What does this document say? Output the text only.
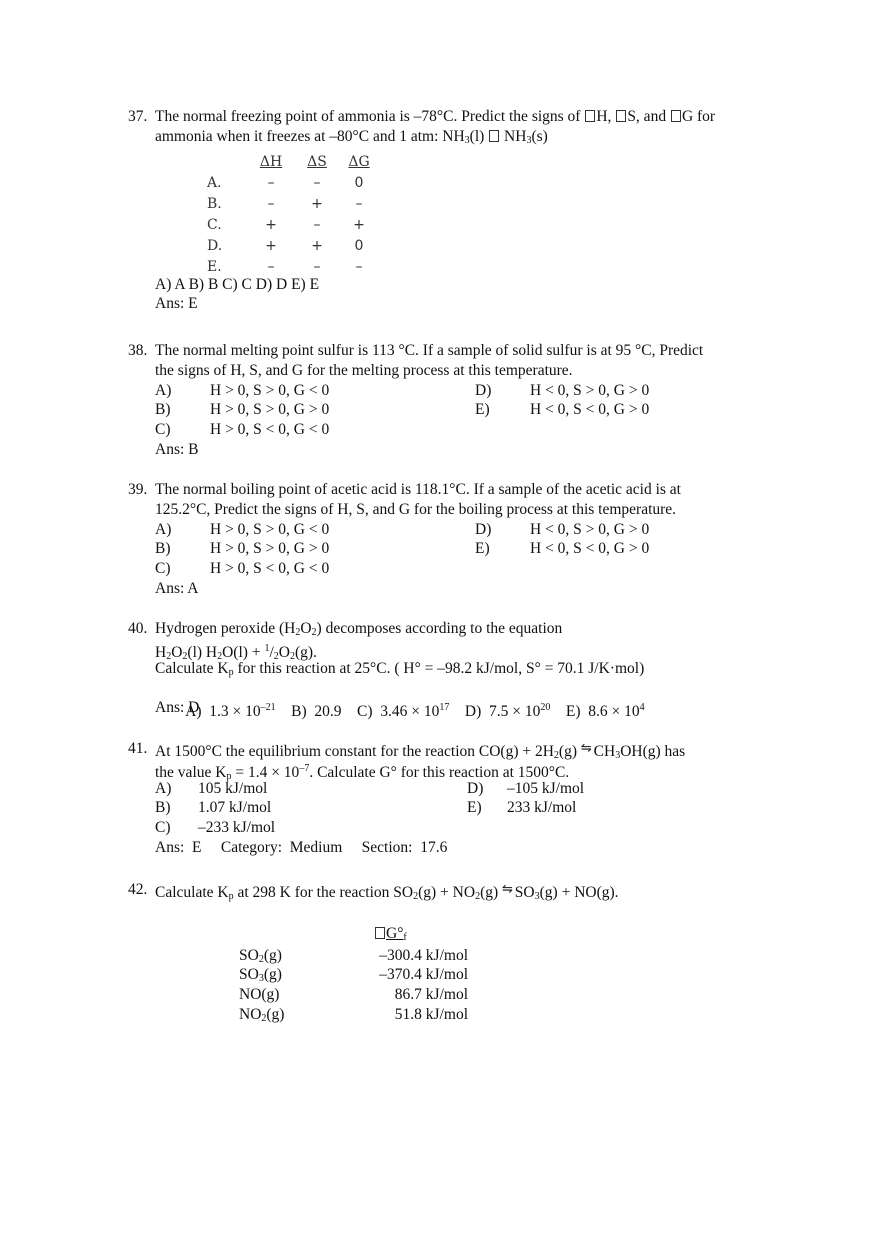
37. The normal freezing point of ammonia is –78°C. Predict the signs of H, S, and G for
ammonia when it freezes at –80°C and 1 atm: $NH_3(l)$  $NH_3(s)$
ΔH ΔS ΔG
A.	–	–	0
B.	–	+	–
C.	+	–	+
D.	+	+	0
E.	–	–	–
A) A B) B C) C D) D E) E
Ans: E
38. The normal melting point sulfur is 113 °C. If a sample of solid sulfur is at 95 °C, Predict
the signs of H, S, and G for the melting process at this temperature.
A) H > 0, S > 0, G < 0	D) H < 0, S > 0, G > 0
B)	H > 0, S > 0, G > 0	E)	H < 0, S < 0, G > 0
C)	H > 0, S < 0, G < 0
Ans: B
39. The normal boiling point of acetic acid is 118.1°C. If a sample of the acetic acid is at
125.2°C, Predict the signs of H, S, and G for the boiling process at this temperature.
A) H > 0, S > 0, G < 0	D) H < 0, S > 0, G > 0
B)	H > 0, S > 0, G > 0	E)	H < 0, S < 0, G > 0
C)	H > 0, S < 0, G < 0
Ans: A
40. Hydrogen peroxide $(H_2O_2)$ decomposes according to the equation
$H_2O_2(l) H_2O(l) + ^1/_2O_2(g)$.
Calculate $K_p$ for this reaction at 25°C. ( H° = –98.2 kJ/mol, S° = 70.1 J/K·mol)

A)  $1.3 \times 10^{-21}$    B)  20.9    C)  $3.46 \times 10^{17}$    D)  $7.5 \times 10^{20}$    E)  $8.6 \times 10^4$

Ans: D
41. At 1500°C the equilibrium constant for the reaction $CO(g) + 2H_2(g)$ ⇋ $CH_3OH(g)$ has
the value $K_p = 1.4 \times 10^{-7}$. Calculate G° for this reaction at 1500°C.
A) 105 kJ/mol	D) –105 kJ/mol
B) 1.07 kJ/mol	E) 233 kJ/mol
C) –233 kJ/mol
Ans:  E     Category:  Medium     Section:  17.6
42. Calculate $K_p$ at 298 K for the reaction $SO_2(g) + NO_2(g)$ ⇋ $SO_3(g) + NO(g)$.
$G^\circ_f$
$SO_2(g)$	–300.4 kJ/mol
$SO_3(g)$	–370.4 kJ/mol
NO(g)	86.7 kJ/mol
$NO_2(g)$	51.8 kJ/mol
